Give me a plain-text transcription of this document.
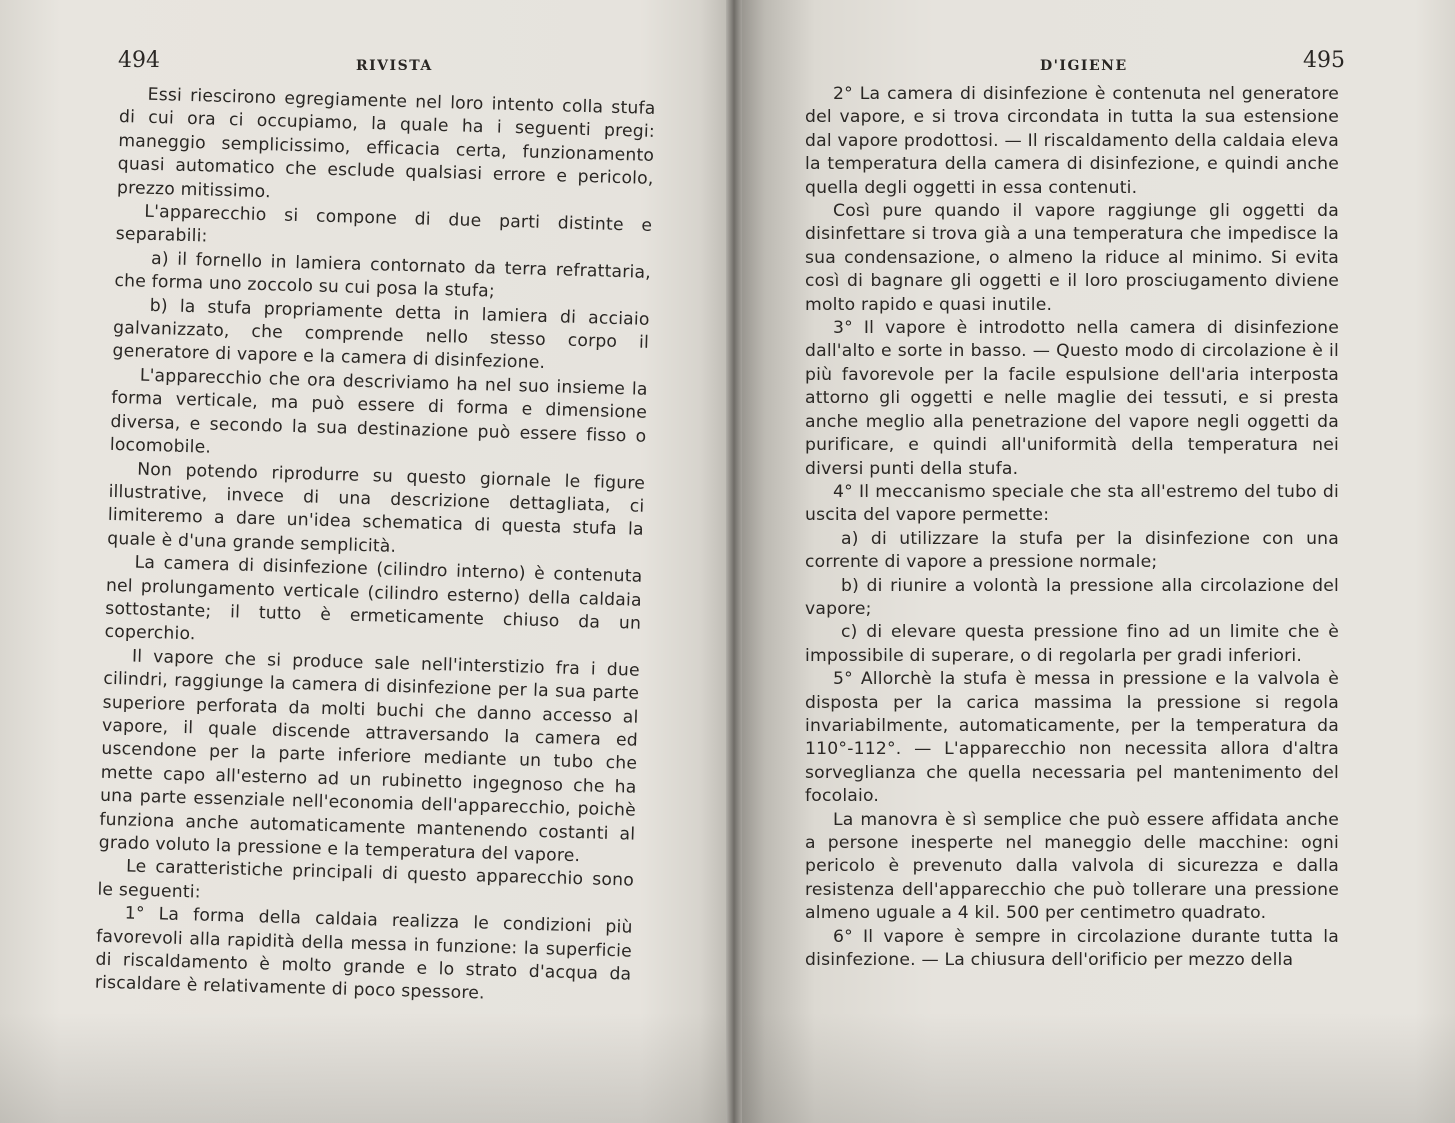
494	RIVISTA

Essi riescirono egregiamente nel loro intento colla stufa di cui ora ci occupiamo, la quale ha i seguenti pregi: maneggio semplicissimo, efficacia certa, funzionamento quasi automatico che esclude qualsiasi errore e pericolo, prezzo mitissimo.

L'apparecchio si compone di due parti distinte e separabili:

a) il fornello in lamiera contornato da terra refrattaria, che forma uno zoccolo su cui posa la stufa;

b) la stufa propriamente detta in lamiera di acciaio galvanizzato, che comprende nello stesso corpo il generatore di vapore e la camera di disinfezione.

L'apparecchio che ora descriviamo ha nel suo insieme la forma verticale, ma può essere di forma e dimensione diversa, e secondo la sua destinazione può essere fisso o locomobile.

Non potendo riprodurre su questo giornale le figure illustrative, invece di una descrizione dettagliata, ci limiteremo a dare un'idea schematica di questa stufa la quale è d'una grande semplicità.

La camera di disinfezione (cilindro interno) è contenuta nel prolungamento verticale (cilindro esterno) della caldaia sottostante; il tutto è ermeticamente chiuso da un coperchio.

Il vapore che si produce sale nell'interstizio fra i due cilindri, raggiunge la camera di disinfezione per la sua parte superiore perforata da molti buchi che danno accesso al vapore, il quale discende attraversando la camera ed uscendone per la parte inferiore mediante un tubo che mette capo all'esterno ad un rubinetto ingegnoso che ha una parte essenziale nell'economia dell'apparecchio, poichè funziona anche automaticamente mantenendo costanti al grado voluto la pressione e la temperatura del vapore.

Le caratteristiche principali di questo apparecchio sono le seguenti:

1° La forma della caldaia realizza le condizioni più favorevoli alla rapidità della messa in funzione: la superficie di riscaldamento è molto grande e lo strato d'acqua da riscaldare è relativamente di poco spessore.

D'IGIENE	495

2° La camera di disinfezione è contenuta nel generatore del vapore, e si trova circondata in tutta la sua estensione dal vapore prodottosi. — Il riscaldamento della caldaia eleva la temperatura della camera di disinfezione, e quindi anche quella degli oggetti in essa contenuti.

Così pure quando il vapore raggiunge gli oggetti da disinfettare si trova già a una temperatura che impedisce la sua condensazione, o almeno la riduce al minimo. Si evita così di bagnare gli oggetti e il loro prosciugamento diviene molto rapido e quasi inutile.

3° Il vapore è introdotto nella camera di disinfezione dall'alto e sorte in basso. — Questo modo di circolazione è il più favorevole per la facile espulsione dell'aria interposta attorno gli oggetti e nelle maglie dei tessuti, e si presta anche meglio alla penetrazione del vapore negli oggetti da purificare, e quindi all'uniformità della temperatura nei diversi punti della stufa.

4° Il meccanismo speciale che sta all'estremo del tubo di uscita del vapore permette:

a) di utilizzare la stufa per la disinfezione con una corrente di vapore a pressione normale;

b) di riunire a volontà la pressione alla circolazione del vapore;

c) di elevare questa pressione fino ad un limite che è impossibile di superare, o di regolarla per gradi inferiori.

5° Allorchè la stufa è messa in pressione e la valvola è disposta per la carica massima la pressione si regola invariabilmente, automaticamente, per la temperatura da 110°-112°. — L'apparecchio non necessita allora d'altra sorveglianza che quella necessaria pel mantenimento del focolaio.

La manovra è sì semplice che può essere affidata anche a persone inesperte nel maneggio delle macchine: ogni pericolo è prevenuto dalla valvola di sicurezza e dalla resistenza dell'apparecchio che può tollerare una pressione almeno uguale a 4 kil. 500 per centimetro quadrato.

6° Il vapore è sempre in circolazione durante tutta la disinfezione. — La chiusura dell'orificio per mezzo della
